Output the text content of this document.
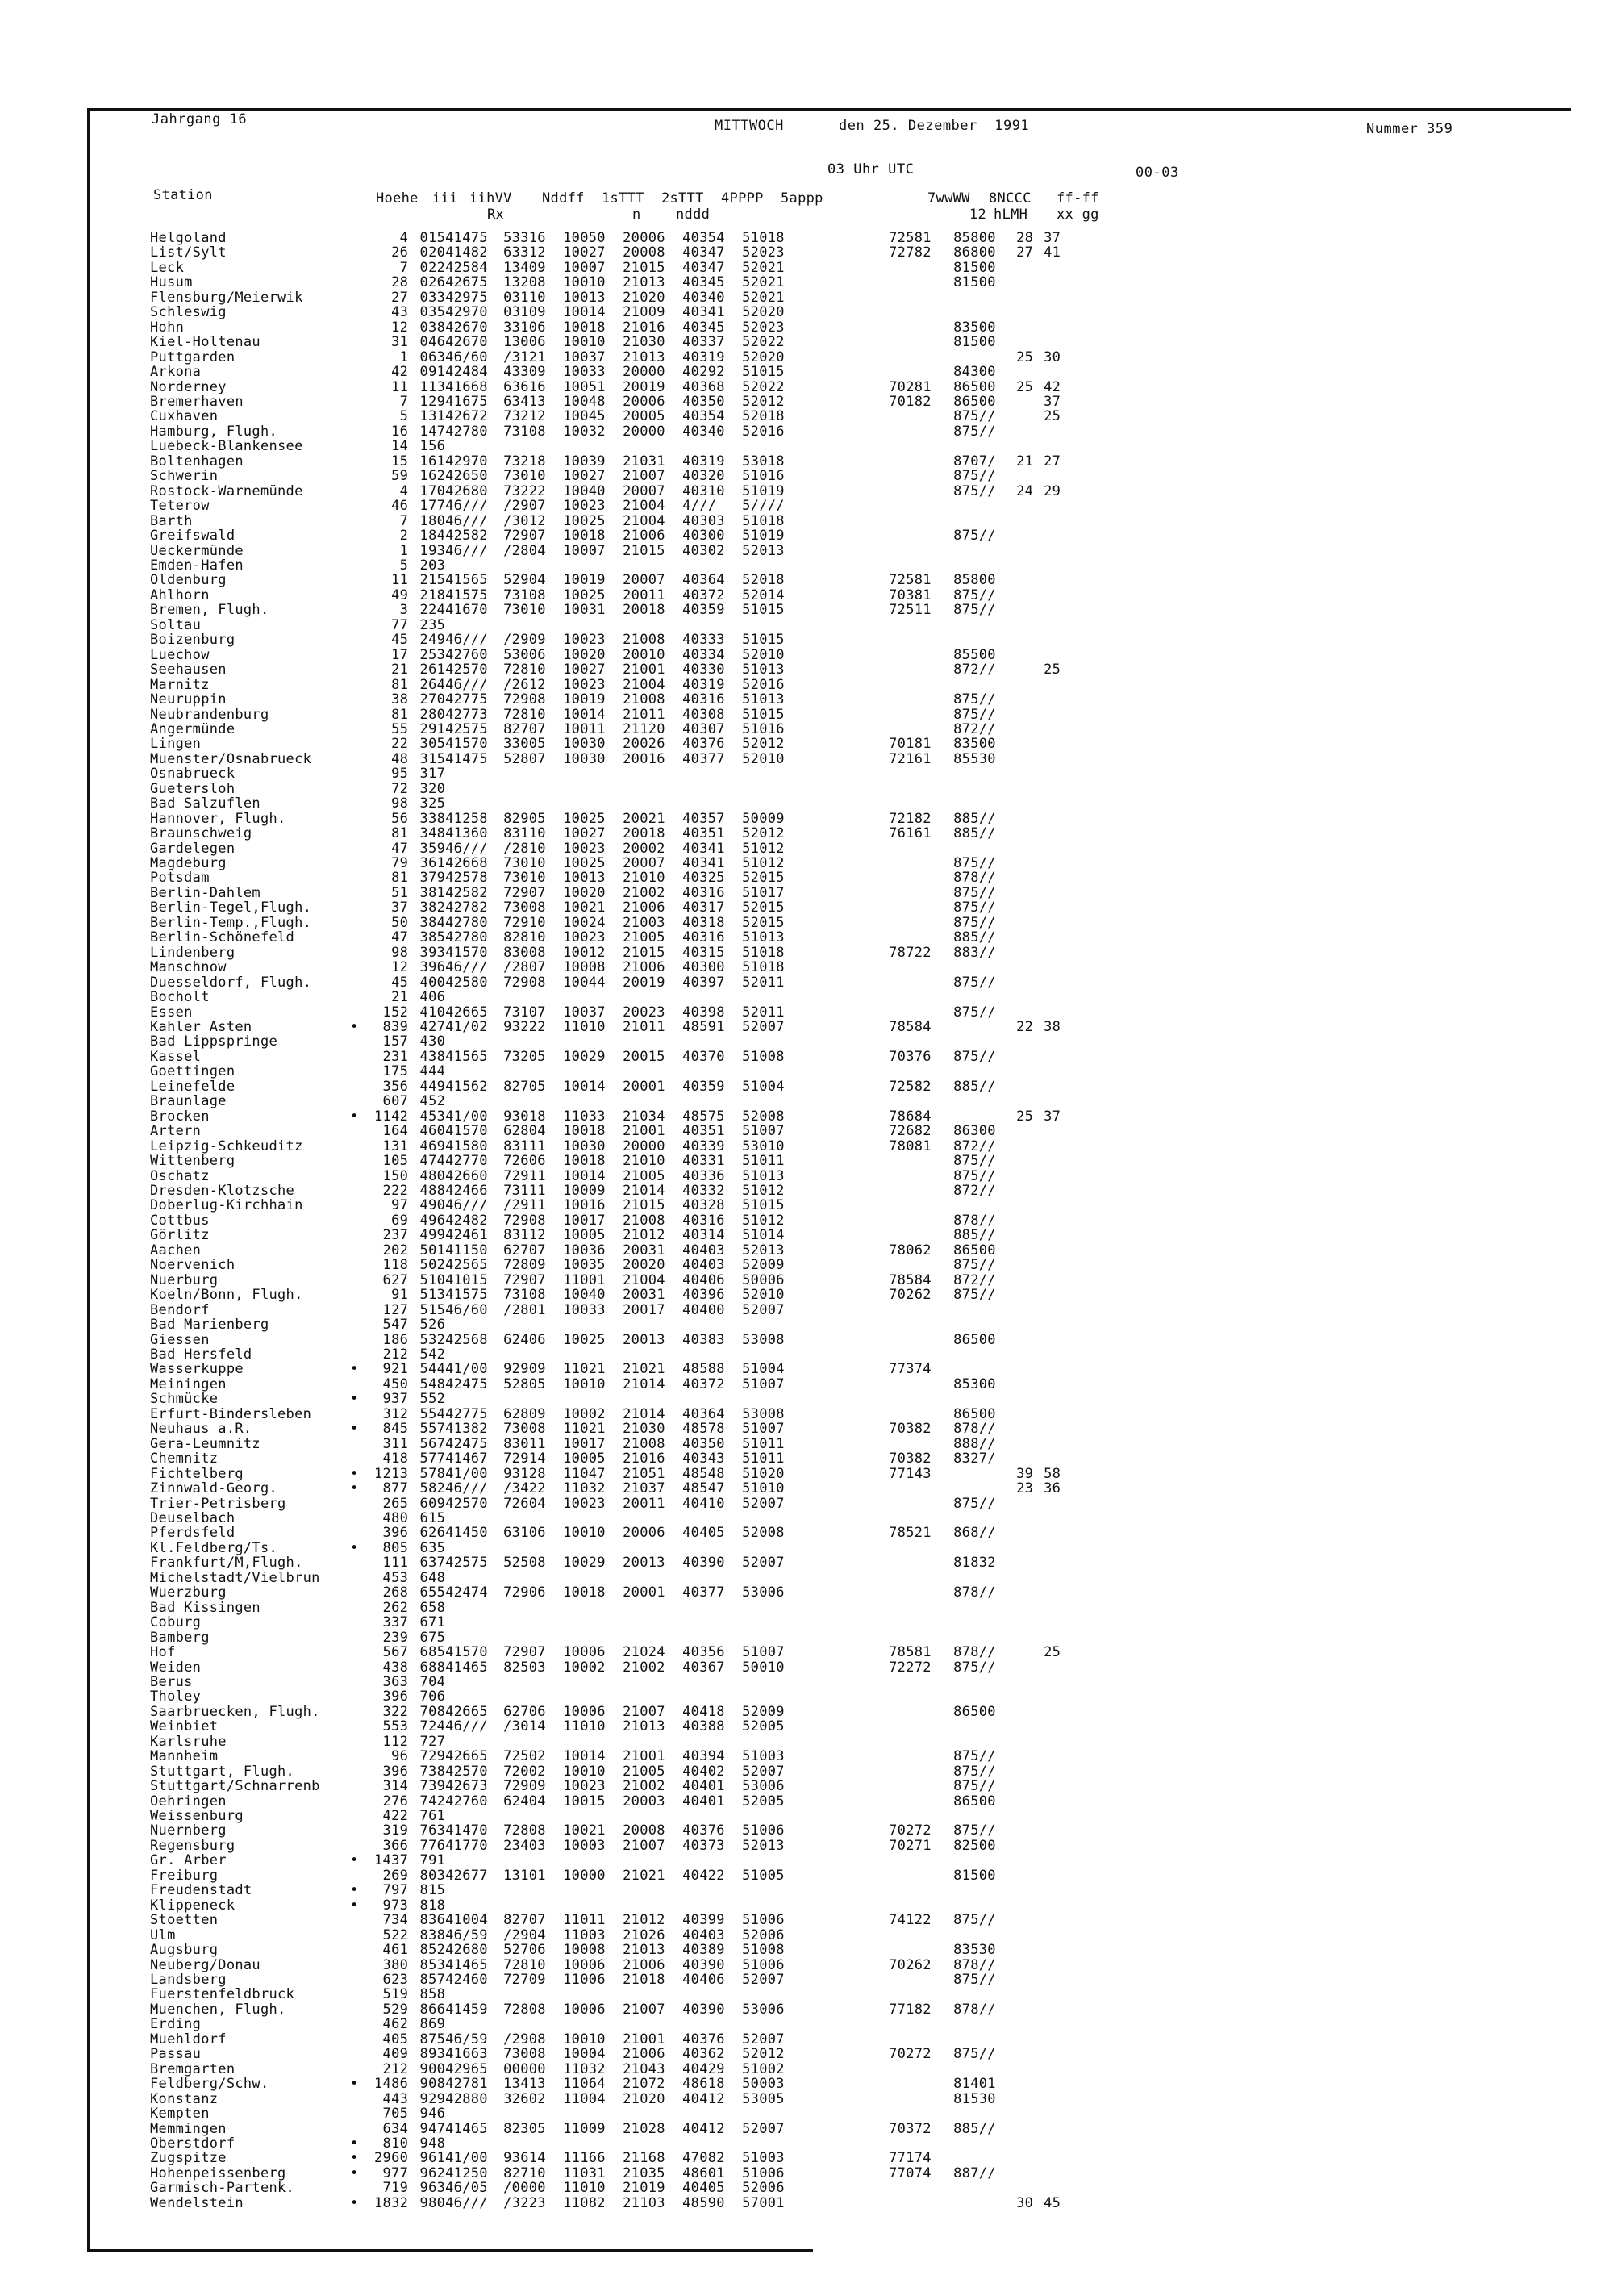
Jahrgang 16	MITTWOCH	den 25. Dezember  1991	Nummer 359
03 Uhr UTC	00-03
Station	Hoehe iii iihVV
Rx
Nddff 1sTTT
n
2sTTT
nddd
4PPPP 5appp	7wwWW
12
8NCCC
hLMH
ff-ff
xx gg
Helgoland		4	015	41475	53316	10050	20006	40354	51018		72581	85800	28	37
List/Sylt		26	020	41482	63312	10027	20008	40347	52023		72782	86800	27	41
Leck		7	022	42584	13409	10007	21015	40347	52021			81500		
Husum		28	026	42675	13208	10010	21013	40345	52021			81500		
Flensburg/Meierwik		27	033	42975	03110	10013	21020	40340	52021					
Schleswig		43	035	42970	03109	10014	21009	40341	52020					
Hohn		12	038	42670	33106	10018	21016	40345	52023			83500		
Kiel-Holtenau		31	046	42670	13006	10010	21030	40337	52022			81500		
Puttgarden		1	063	46/60	/3121	10037	21013	40319	52020				25	30
Arkona		42	091	42484	43309	10033	20000	40292	51015			84300		
Norderney		11	113	41668	63616	10051	20019	40368	52022		70281	86500	25	42
Bremerhaven		7	129	41675	63413	10048	20006	40350	52012		70182	86500		37
Cuxhaven		5	131	42672	73212	10045	20005	40354	52018			875//		25
Hamburg, Flugh.		16	147	42780	73108	10032	20000	40340	52016			875//		
Luebeck-Blankensee		14	156											
Boltenhagen		15	161	42970	73218	10039	21031	40319	53018			8707/	21	27
Schwerin		59	162	42650	73010	10027	21007	40320	51016			875//		
Rostock-Warnemünde		4	170	42680	73222	10040	20007	40310	51019			875//	24	29
Teterow		46	177	46///	/2907	10023	21004	4///	5////					
Barth		7	180	46///	/3012	10025	21004	40303	51018					
Greifswald		2	184	42582	72907	10018	21006	40300	51019			875//		
Ueckermünde		1	193	46///	/2804	10007	21015	40302	52013					
Emden-Hafen		5	203											
Oldenburg		11	215	41565	52904	10019	20007	40364	52018		72581	85800		
Ahlhorn		49	218	41575	73108	10025	20011	40372	52014		70381	875//		
Bremen, Flugh.		3	224	41670	73010	10031	20018	40359	51015		72511	875//		
Soltau		77	235											
Boizenburg		45	249	46///	/2909	10023	21008	40333	51015					
Luechow		17	253	42760	53006	10020	20010	40334	52010			85500		
Seehausen		21	261	42570	72810	10027	21001	40330	51013			872//		25
Marnitz		81	264	46///	/2612	10023	21004	40319	52016					
Neuruppin		38	270	42775	72908	10019	21008	40316	51013			875//		
Neubrandenburg		81	280	42773	72810	10014	21011	40308	51015			875//		
Angermünde		55	291	42575	82707	10011	21120	40307	51016			872//		
Lingen		22	305	41570	33005	10030	20026	40376	52012		70181	83500		
Muenster/Osnabrueck		48	315	41475	52807	10030	20016	40377	52010		72161	85530		
Osnabrueck		95	317											
Guetersloh		72	320											
Bad Salzuflen		98	325											
Hannover, Flugh.		56	338	41258	82905	10025	20021	40357	50009		72182	885//		
Braunschweig		81	348	41360	83110	10027	20018	40351	52012		76161	885//		
Gardelegen		47	359	46///	/2810	10023	20002	40341	51012					
Magdeburg		79	361	42668	73010	10025	20007	40341	51012			875//		
Potsdam		81	379	42578	73010	10013	21010	40325	52015			878//		
Berlin-Dahlem		51	381	42582	72907	10020	21002	40316	51017			875//		
Berlin-Tegel,Flugh.		37	382	42782	73008	10021	21006	40317	52015			875//		
Berlin-Temp.,Flugh.		50	384	42780	72910	10024	21003	40318	52015			875//		
Berlin-Schönefeld		47	385	42780	82810	10023	21005	40316	51013			885//		
Lindenberg		98	393	41570	83008	10012	21015	40315	51018		78722	883//		
Manschnow		12	396	46///	/2807	10008	21006	40300	51018					
Duesseldorf, Flugh.		45	400	42580	72908	10044	20019	40397	52011			875//		
Bocholt		21	406											
Essen		152	410	42665	73107	10037	20023	40398	52011			875//		
Kahler Asten	•	839	427	41/02	93222	11010	21011	48591	52007		78584		22	38
Bad Lippspringe		157	430											
Kassel		231	438	41565	73205	10029	20015	40370	51008		70376	875//		
Goettingen		175	444											
Leinefelde		356	449	41562	82705	10014	20001	40359	51004		72582	885//		
Braunlage		607	452											
Brocken	•	1142	453	41/00	93018	11033	21034	48575	52008		78684		25	37
Artern		164	460	41570	62804	10018	21001	40351	51007		72682	86300		
Leipzig-Schkeuditz		131	469	41580	83111	10030	20000	40339	53010		78081	872//		
Wittenberg		105	474	42770	72606	10018	21010	40331	51011			875//		
Oschatz		150	480	42660	72911	10014	21005	40336	51013			875//		
Dresden-Klotzsche		222	488	42466	73111	10009	21014	40332	51012			872//		
Doberlug-Kirchhain		97	490	46///	/2911	10016	21015	40328	51015					
Cottbus		69	496	42482	72908	10017	21008	40316	51012			878//		
Görlitz		237	499	42461	83112	10005	21012	40314	51014			885//		
Aachen		202	501	41150	62707	10036	20031	40403	52013		78062	86500		
Noervenich		118	502	42565	72809	10035	20020	40403	52009			875//		
Nuerburg		627	510	41015	72907	11001	21004	40406	50006		78584	872//		
Koeln/Bonn, Flugh.		91	513	41575	73108	10040	20031	40396	52010		70262	875//		
Bendorf		127	515	46/60	/2801	10033	20017	40400	52007					
Bad Marienberg		547	526											
Giessen		186	532	42568	62406	10025	20013	40383	53008			86500		
Bad Hersfeld		212	542											
Wasserkuppe	•	921	544	41/00	92909	11021	21021	48588	51004		77374			
Meiningen		450	548	42475	52805	10010	21014	40372	51007			85300		
Schmücke	•	937	552											
Erfurt-Bindersleben		312	554	42775	62809	10002	21014	40364	53008			86500		
Neuhaus a.R.	•	845	557	41382	73008	11021	21030	48578	51007		70382	878//		
Gera-Leumnitz		311	567	42475	83011	10017	21008	40350	51011			888//		
Chemnitz		418	577	41467	72914	10005	21016	40343	51011		70382	8327/		
Fichtelberg	•	1213	578	41/00	93128	11047	21051	48548	51020		77143		39	58
Zinnwald-Georg.	•	877	582	46///	/3422	11032	21037	48547	51010				23	36
Trier-Petrisberg		265	609	42570	72604	10023	20011	40410	52007			875//		
Deuselbach		480	615											
Pferdsfeld		396	626	41450	63106	10010	20006	40405	52008		78521	868//		
Kl.Feldberg/Ts.	•	805	635											
Frankfurt/M,Flugh.		111	637	42575	52508	10029	20013	40390	52007			81832		
Michelstadt/Vielbrun		453	648											
Wuerzburg		268	655	42474	72906	10018	20001	40377	53006			878//		
Bad Kissingen		262	658											
Coburg		337	671											
Bamberg		239	675											
Hof		567	685	41570	72907	10006	21024	40356	51007		78581	878//		25
Weiden		438	688	41465	82503	10002	21002	40367	50010		72272	875//		
Berus		363	704											
Tholey		396	706											
Saarbruecken, Flugh.		322	708	42665	62706	10006	21007	40418	52009			86500		
Weinbiet		553	724	46///	/3014	11010	21013	40388	52005					
Karlsruhe		112	727											
Mannheim		96	729	42665	72502	10014	21001	40394	51003			875//		
Stuttgart, Flugh.		396	738	42570	72002	10010	21005	40402	52007			875//		
Stuttgart/Schnarrenb		314	739	42673	72909	10023	21002	40401	53006			875//		
Oehringen		276	742	42760	62404	10015	20003	40401	52005			86500		
Weissenburg		422	761											
Nuernberg		319	763	41470	72808	10021	20008	40376	51006		70272	875//		
Regensburg		366	776	41770	23403	10003	21007	40373	52013		70271	82500		
Gr. Arber	•	1437	791											
Freiburg		269	803	42677	13101	10000	21021	40422	51005			81500		
Freudenstadt	•	797	815											
Klippeneck	•	973	818											
Stoetten		734	836	41004	82707	11011	21012	40399	51006		74122	875//		
Ulm		522	838	46/59	/2904	11003	21026	40403	52006					
Augsburg		461	852	42680	52706	10008	21013	40389	51008			83530		
Neuberg/Donau		380	853	41465	72810	10006	21006	40390	51006		70262	878//		
Landsberg		623	857	42460	72709	11006	21018	40406	52007			875//		
Fuerstenfeldbruck		519	858											
Muenchen, Flugh.		529	866	41459	72808	10006	21007	40390	53006		77182	878//		
Erding		462	869											
Muehldorf		405	875	46/59	/2908	10010	21001	40376	52007					
Passau		409	893	41663	73008	10004	21006	40362	52012		70272	875//		
Bremgarten		212	900	42965	00000	11032	21043	40429	51002					
Feldberg/Schw.	•	1486	908	42781	13413	11064	21072	48618	50003			81401		
Konstanz		443	929	42880	32602	11004	21020	40412	53005			81530		
Kempten		705	946											
Memmingen		634	947	41465	82305	11009	21028	40412	52007		70372	885//		
Oberstdorf	•	810	948											
Zugspitze	•	2960	961	41/00	93614	11166	21168	47082	51003		77174			
Hohenpeissenberg	•	977	962	41250	82710	11031	21035	48601	51006		77074	887//		
Garmisch-Partenk.		719	963	46/05	/0000	11010	21019	40405	52006					
Wendelstein	•	1832	980	46///	/3223	11082	21103	48590	57001				30	45
